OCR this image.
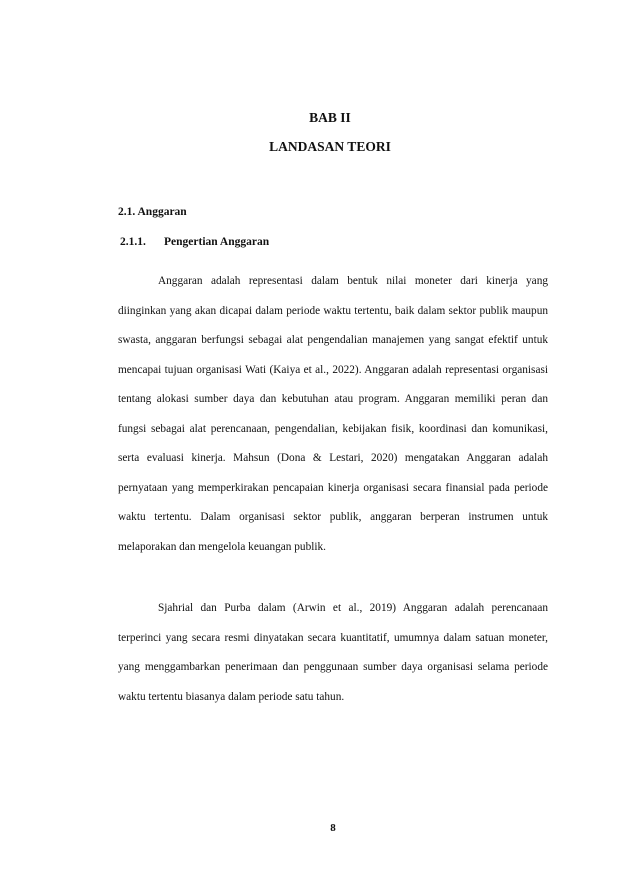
BAB II
LANDASAN TEORI
2.1. Anggaran
2.1.1. Pengertian Anggaran

Anggaran adalah representasi dalam bentuk nilai moneter dari kinerja yang diinginkan yang akan dicapai dalam periode waktu tertentu, baik dalam sektor publik maupun swasta, anggaran berfungsi sebagai alat pengendalian manajemen yang sangat efektif untuk mencapai tujuan organisasi Wati (Kaiya et al., 2022). Anggaran adalah representasi organisasi tentang alokasi sumber daya dan kebutuhan atau program. Anggaran memiliki peran dan fungsi sebagai alat perencanaan, pengendalian, kebijakan fisik, koordinasi dan komunikasi, serta evaluasi kinerja. Mahsun (Dona & Lestari, 2020) mengatakan Anggaran adalah pernyataan yang memperkirakan pencapaian kinerja organisasi secara finansial pada periode waktu tertentu. Dalam organisasi sektor publik, anggaran berperan instrumen untuk melaporakan dan mengelola keuangan publik.

Sjahrial dan Purba dalam (Arwin et al., 2019) Anggaran adalah perencanaan terperinci yang secara resmi dinyatakan secara kuantitatif, umumnya dalam satuan moneter, yang menggambarkan penerimaan dan penggunaan sumber daya organisasi selama periode waktu tertentu biasanya dalam periode satu tahun.

8
